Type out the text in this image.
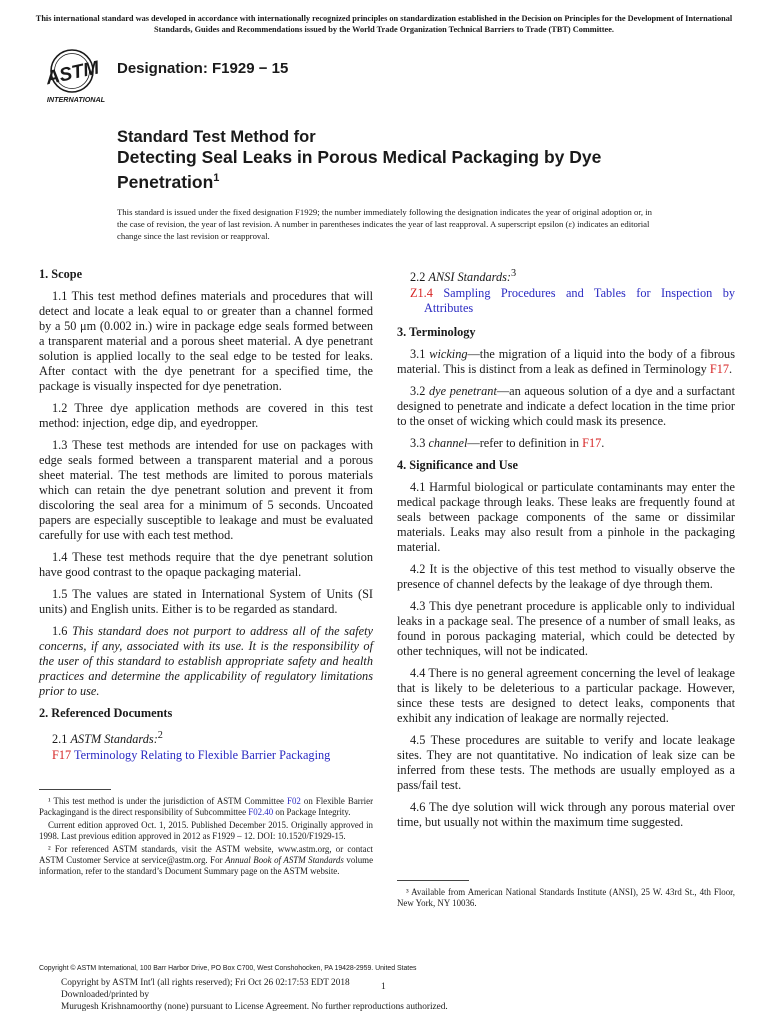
This international standard was developed in accordance with internationally recognized principles on standardization established in the Decision on Principles for the Development of International Standards, Guides and Recommendations issued by the World Trade Organization Technical Barriers to Trade (TBT) Committee.
ASTM
INTERNATIONAL
Designation: F1929 − 15
Standard Test Method for
Detecting Seal Leaks in Porous Medical Packaging by Dye Penetration$^1$
This standard is issued under the fixed designation F1929; the number immediately following the designation indicates the year of original adoption or, in the case of revision, the year of last revision. A number in parentheses indicates the year of last reapproval. A superscript epsilon (ε) indicates an editorial change since the last revision or reapproval.
1. Scope

1.1 This test method defines materials and procedures that will detect and locate a leak equal to or greater than a channel formed by a 50 μm (0.002 in.) wire in package edge seals formed between a transparent material and a porous sheet material. A dye penetrant solution is applied locally to the seal edge to be tested for leaks. After contact with the dye penetrant for a specified time, the package is visually inspected for dye penetration.

1.2 Three dye application methods are covered in this test method: injection, edge dip, and eyedropper.

1.3 These test methods are intended for use on packages with edge seals formed between a transparent material and a porous sheet material. The test methods are limited to porous materials which can retain the dye penetrant solution and prevent it from discoloring the seal area for a minimum of 5 seconds. Uncoated papers are especially susceptible to leakage and must be evaluated carefully for use with each test method.

1.4 These test methods require that the dye penetrant solution have good contrast to the opaque packaging material.

1.5 The values are stated in International System of Units (SI units) and English units. Either is to be regarded as standard.

1.6 This standard does not purport to address all of the safety concerns, if any, associated with its use. It is the responsibility of the user of this standard to establish appropriate safety and health practices and determine the applicability of regulatory limitations prior to use.

2. Referenced Documents

2.1 ASTM Standards:$^2$

F17 Terminology Relating to Flexible Barrier Packaging

¹ This test method is under the jurisdiction of ASTM Committee F02 on Flexible Barrier Packagingand is the direct responsibility of Subcommittee F02.40 on Package Integrity.

Current edition approved Oct. 1, 2015. Published December 2015. Originally approved in 1998. Last previous edition approved in 2012 as F1929 – 12. DOI: 10.1520/F1929-15.

² For referenced ASTM standards, visit the ASTM website, www.astm.org, or contact ASTM Customer Service at service@astm.org. For Annual Book of ASTM Standards volume information, refer to the standard’s Document Summary page on the ASTM website.

2.2 ANSI Standards:$^3$

Z1.4 Sampling Procedures and Tables for Inspection by Attributes

3. Terminology

3.1 wicking—the migration of a liquid into the body of a fibrous material. This is distinct from a leak as defined in Terminology F17.

3.2 dye penetrant—an aqueous solution of a dye and a surfactant designed to penetrate and indicate a defect location in the time prior to the onset of wicking which could mask its presence.

3.3 channel—refer to definition in F17.

4. Significance and Use

4.1 Harmful biological or particulate contaminants may enter the medical package through leaks. These leaks are frequently found at seals between package components of the same or dissimilar materials. Leaks may also result from a pinhole in the packaging material.

4.2 It is the objective of this test method to visually observe the presence of channel defects by the leakage of dye through them.

4.3 This dye penetrant procedure is applicable only to individual leaks in a package seal. The presence of a number of small leaks, as found in porous packaging material, which could be detected by other techniques, will not be indicated.

4.4 There is no general agreement concerning the level of leakage that is likely to be deleterious to a particular package. However, since these tests are designed to detect leaks, components that exhibit any indication of leakage are normally rejected.

4.5 These procedures are suitable to verify and locate leakage sites. They are not quantitative. No indication of leak size can be inferred from these tests. The methods are usually employed as a pass/fail test.

4.6 The dye solution will wick through any porous material over time, but usually not within the maximum time suggested.

³ Available from American National Standards Institute (ANSI), 25 W. 43rd St., 4th Floor, New York, NY 10036.

Copyright © ASTM International, 100 Barr Harbor Drive, PO Box C700, West Conshohocken, PA 19428-2959. United States
Copyright by ASTM Int'l (all rights reserved); Fri Oct 26 02:17:53 EDT 2018
Downloaded/printed by
Murugesh Krishnamoorthy (none) pursuant to License Agreement. No further reproductions authorized.
1
